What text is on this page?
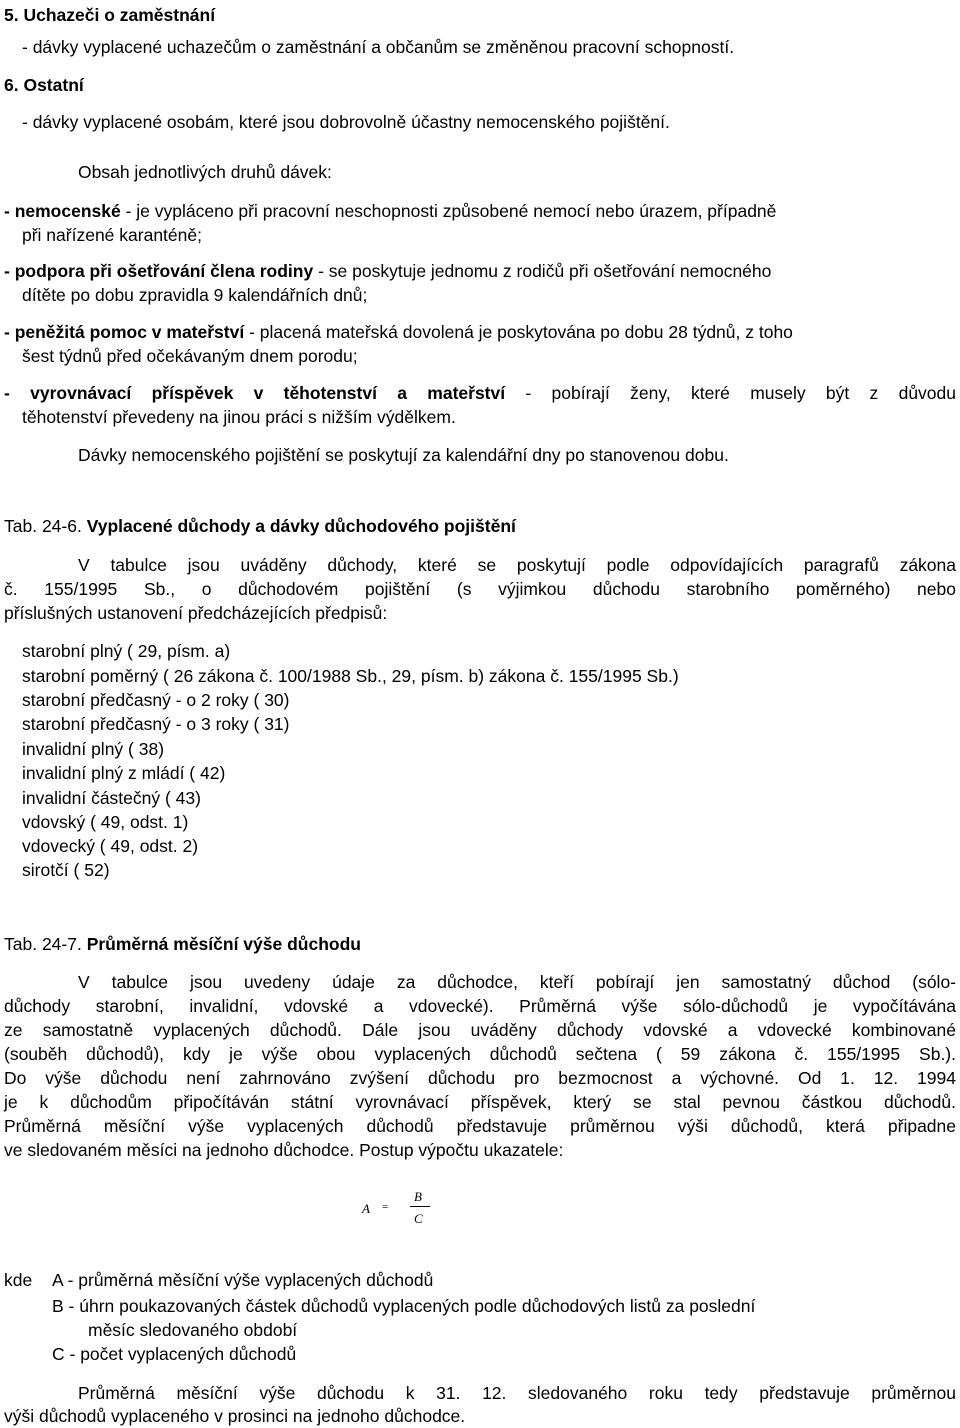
5. Uchazeči o zaměstnání
- dávky vyplacené uchazečům o zaměstnání a občanům se změněnou pracovní schopností.
6. Ostatní
- dávky vyplacené osobám, které jsou dobrovolně účastny nemocenského pojištění.
Obsah jednotlivých druhů dávek:
- nemocenské - je vypláceno při pracovní neschopnosti způsobené nemocí nebo úrazem, případně
při nařízené karanténě;
- podpora při ošetřování člena rodiny - se poskytuje jednomu z rodičů při ošetřování nemocného
dítěte po dobu zpravidla 9 kalendářních dnů;
- peněžitá pomoc v mateřství - placená mateřská dovolená je poskytována po dobu 28 týdnů, z toho
šest týdnů před očekávaným dnem porodu;
- vyrovnávací příspěvek v těhotenství a mateřství - pobírají ženy, které musely být z důvodu
těhotenství převedeny na jinou práci s nižším výdělkem.
Dávky nemocenského pojištění se poskytují za kalendářní dny po stanovenou dobu.
Tab. 24-6. Vyplacené důchody a dávky důchodového pojištění
V tabulce jsou uváděny důchody, které se poskytují podle odpovídajících paragrafů zákona
č. 155/1995 Sb., o důchodovém pojištění (s výjimkou důchodu starobního poměrného) nebo
příslušných ustanovení předcházejících předpisů:
starobní plný ( 29, písm. a)
starobní poměrný ( 26 zákona č. 100/1988 Sb., 29, písm. b) zákona č. 155/1995 Sb.)
starobní předčasný - o 2 roky ( 30)
starobní předčasný - o 3 roky ( 31)
invalidní plný ( 38)
invalidní plný z mládí ( 42)
invalidní částečný ( 43)
vdovský ( 49, odst. 1)
vdovecký ( 49, odst. 2)
sirotčí ( 52)
Tab. 24-7. Průměrná měsíční výše důchodu
V tabulce jsou uvedeny údaje za důchodce, kteří pobírají jen samostatný důchod (sólo-
důchody starobní, invalidní, vdovské a vdovecké). Průměrná výše sólo-důchodů je vypočítávána
ze samostatně vyplacených důchodů. Dále jsou uváděny důchody vdovské a vdovecké kombinované
(souběh důchodů), kdy je výše obou vyplacených důchodů sečtena ( 59 zákona č. 155/1995 Sb.).
Do výše důchodu není zahrnováno zvýšení důchodu pro bezmocnost a výchovné. Od 1. 12. 1994
je k důchodům připočítáván státní vyrovnávací příspěvek, který se stal pevnou částkou důchodů.
Průměrná měsíční výše vyplacených důchodů představuje průměrnou výši důchodů, která připadne
ve sledovaném měsíci na jednoho důchodce. Postup výpočtu ukazatele:
A =
B
C
kde A - průměrná měsíční výše vyplacených důchodů
B - úhrn poukazovaných částek důchodů vyplacených podle důchodových listů za poslední
měsíc sledovaného období
C - počet vyplacených důchodů
Průměrná měsíční výše důchodu k 31. 12. sledovaného roku tedy představuje průměrnou
výši důchodů vyplaceného v prosinci na jednoho důchodce.
